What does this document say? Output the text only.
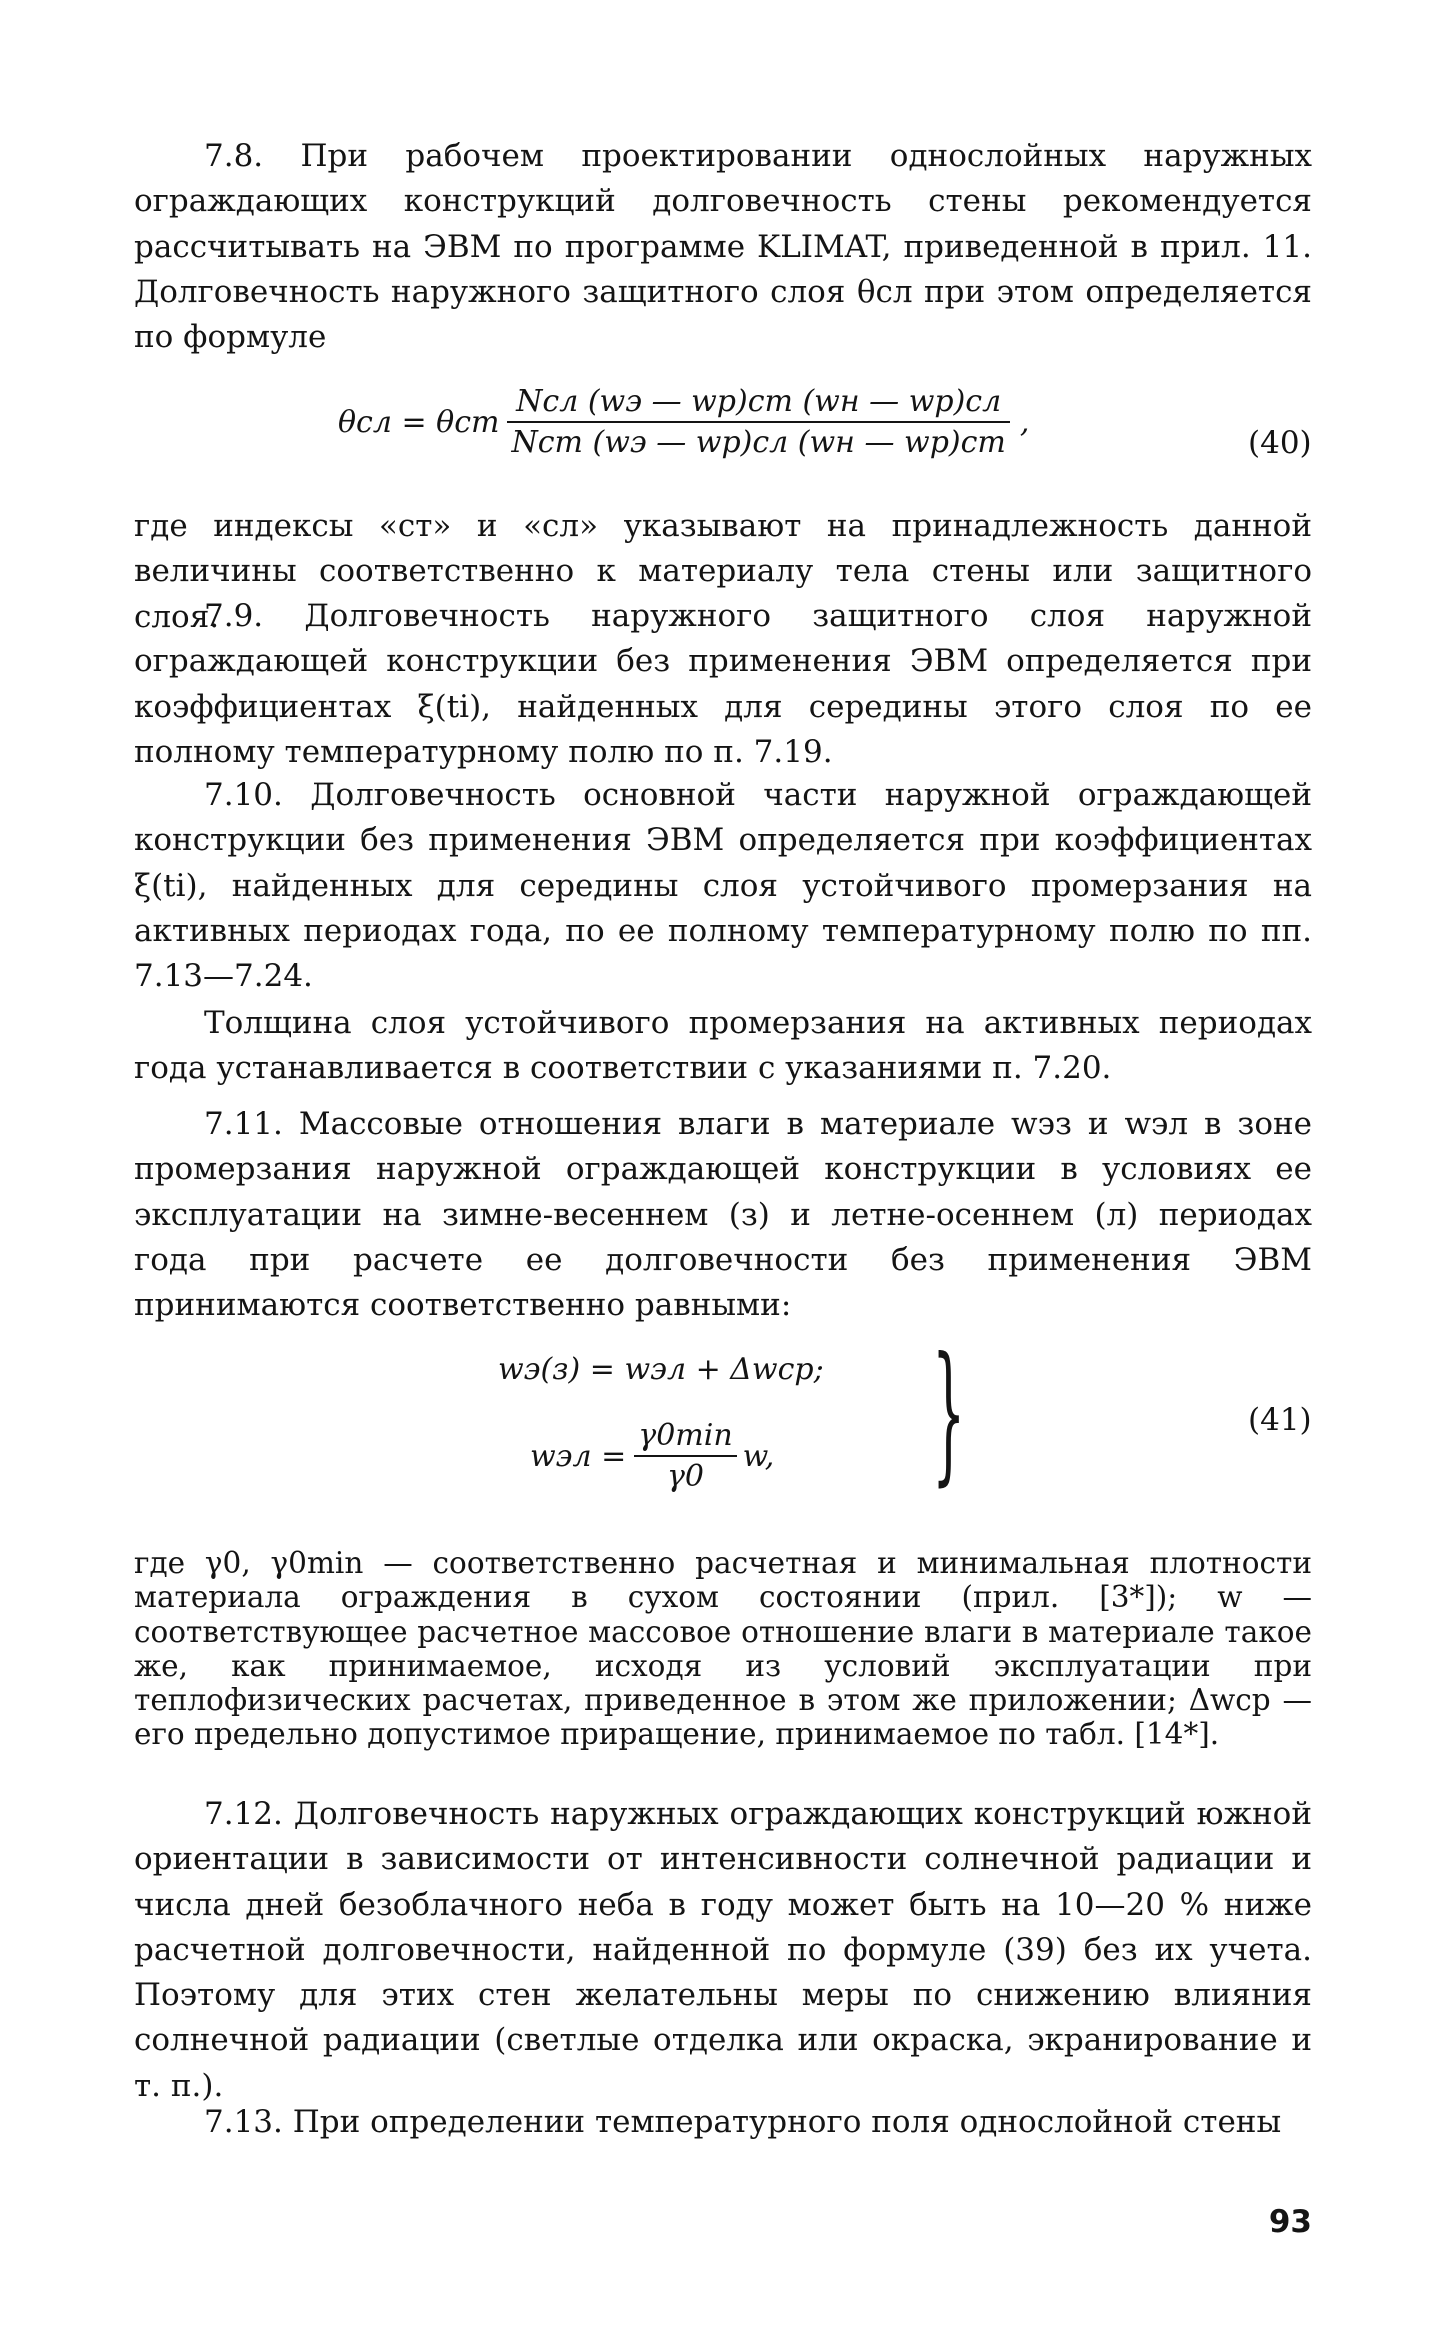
7.8. При рабочем проектировании однослойных наружных ограждающих конструкций долговечность стены рекомендуется рассчитывать на ЭВМ по программе KLIMAT, приведенной в прил. 11. Долговечность наружного защитного слоя θсл при этом определяется по формуле

θсл = θст $\frac{\text{Nсл (wэ — wр)ст (wн — wр)сл}}{\text{Nст (wэ — wр)сл (wн — wр)ст}}$ ,
(40)

где индексы «ст» и «сл» указывают на принадлежность данной величины соответственно к материалу тела стены или защитного слоя.

7.9. Долговечность наружного защитного слоя наружной ограждающей конструкции без применения ЭВМ определяется при коэффициентах ξ(ti), найденных для середины этого слоя по ее полному температурному полю по п. 7.19.

7.10. Долговечность основной части наружной ограждающей конструкции без применения ЭВМ определяется при коэффициентах ξ(ti), найденных для середины слоя устойчивого промерзания на активных периодах года, по ее полному температурному полю по пп. 7.13—7.24.

Толщина слоя устойчивого промерзания на активных периодах года устанавливается в соответствии с указаниями п. 7.20.

7.11. Массовые отношения влаги в материале wэз и wэл в зоне промерзания наружной ограждающей конструкции в условиях ее эксплуатации на зимне-весеннем (з) и летне-осеннем (л) периодах года при расчете ее долговечности без применения ЭВМ принимаются соответственно равными:

wэ(з) = wэл + Δwср;
wэл = $\frac{\gamma 0\min}{\gamma 0} w$, }	(41)

где γ0, γ0min — соответственно расчетная и минимальная плотности материала ограждения в сухом состоянии (прил. [3*]); w — соответствующее расчетное массовое отношение влаги в материале такое же, как принимаемое, исходя из условий эксплуатации при теплофизических расчетах, приведенное в этом же приложении; Δwср — его предельно допустимое приращение, принимаемое по табл. [14*].

7.12. Долговечность наружных ограждающих конструкций южной ориентации в зависимости от интенсивности солнечной радиации и числа дней безоблачного неба в году может быть на 10—20 % ниже расчетной долговечности, найденной по формуле (39) без их учета. Поэтому для этих стен желательны меры по снижению влияния солнечной радиации (светлые отделка или окраска, экранирование и т. п.).

7.13. При определении температурного поля однослойной стены

93
